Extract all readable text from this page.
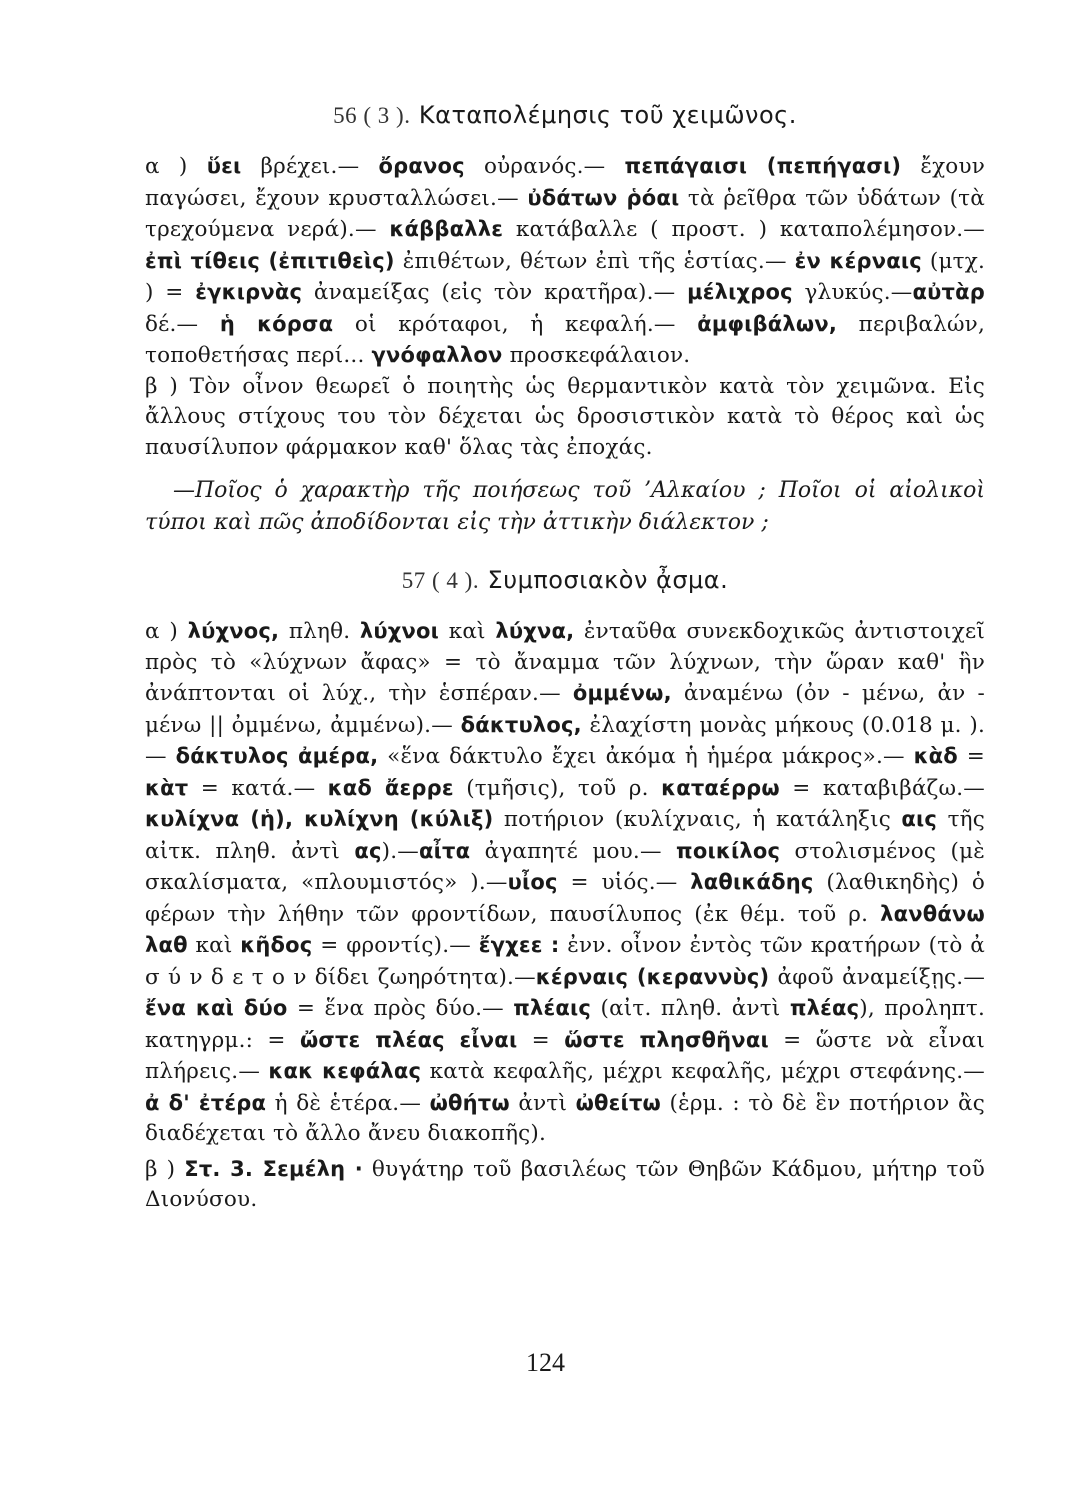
56 ( 3 ). Καταπολέμησις τοῦ χειμῶνος.

α ) ὕει βρέχει.— ὄρανος οὐρανός.— πεπάγαισι (πεπήγασι) ἔχουν παγώσει, ἔχουν κρυσταλλώσει.— ὐδάτων ῥόαι τὰ ῥεῖθρα τῶν ὑδάτων (τὰ τρεχούμενα νερά).— κάββαλλε κατάβαλλε ( προστ. ) καταπολέμησον.— ἐπὶ τίθεις (ἐπιτιθεὶς) ἐπιθέτων, θέτων ἐπὶ τῆς ἑστίας.— ἐν κέρναις (μτχ. ) = ἐγκιρνὰς ἀναμείξας (εἰς τὸν κρατῆρα).— μέλιχρος γλυκύς.—αὐτὰρ δέ.— ἡ κόρσα οἱ κρόταφοι, ἡ κεφαλή.— ἀμφιβάλων, περιβαλών, τοποθετήσας περί... γνόφαλλον προσκεφάλαιον.

β ) Τὸν οἶνον θεωρεῖ ὁ ποιητὴς ὡς θερμαντικὸν κατὰ τὸν χειμῶνα. Εἰς ἄλλους στίχους του τὸν δέχεται ὡς δροσιστικὸν κατὰ τὸ θέρος καὶ ὡς παυσίλυπον φάρμακον καθ' ὅλας τὰς ἐποχάς.

—Ποῖος ὁ χαρακτὴρ τῆς ποιήσεως τοῦ ’Αλκαίου ; Ποῖοι οἱ αἰολικοὶ τύποι καὶ πῶς ἀποδίδονται εἰς τὴν ἀττικὴν διάλεκτον ;

57 ( 4 ). Συμποσιακὸν ᾆσμα.

α ) λύχνος, πληθ. λύχνοι καὶ λύχνα, ἐνταῦθα συνεκδοχικῶς ἀντιστοιχεῖ πρὸς τὸ «λύχνων ἄφας» = τὸ ἄναμμα τῶν λύχνων, τὴν ὥραν καθ' ἣν ἀνάπτονται οἱ λύχ., τὴν ἑσπέραν.— ὀμμένω, ἀναμένω (ὀν - μένω, ἀν - μένω || ὀμμένω, ἀμμένω).— δάκτυλος, ἐλαχίστη μονὰς μήκους (0.018 μ. ).— δάκτυλος ἀμέρα, «ἕνα δάκτυλο ἔχει ἀκόμα ἡ ἡμέρα μάκρος».— κὰδ = κὰτ = κατά.— καδ ἄερρε (τμῆσις), τοῦ ρ. καταέρρω = καταβιβάζω.— κυλίχνα (ἡ), κυλίχνη (κύλιξ) ποτήριον (κυλίχναις, ἡ κατάληξις αις τῆς αἰτκ. πληθ. ἀντὶ ας).—αἶτα ἀγαπητέ μου.— ποικίλος στολισμένος (μὲ σκαλίσματα, «πλουμιστός» ).—υἶος = υἱός.— λαθικάδης (λαθικηδὴς) ὁ φέρων τὴν λήθην τῶν φροντίδων, παυσίλυπος (ἐκ θέμ. τοῦ ρ. λανθάνω λαθ καὶ κῆδος = φροντίς).— ἔγχεε : ἐνν. οἶνον ἐντὸς τῶν κρατήρων (τὸ ἀ σ ύ ν δ ε τ ο ν δίδει ζωηρότητα).—κέρναις (κεραννὺς) ἀφοῦ ἀναμείξῃς.— ἔνα καὶ δύο = ἕνα πρὸς δύο.— πλέαις (αἰτ. πληθ. ἀντὶ πλέας), προληπτ. κατηγρμ.: = ὤστε πλέας εἶναι = ὥστε πλησθῆναι = ὥστε νὰ εἶναι πλήρεις.— κακ κεφάλας κατὰ κεφαλῆς, μέχρι κεφαλῆς, μέχρι στεφάνης.— ἀ δ' ἐτέρα ἡ δὲ ἑτέρα.— ὠθήτω ἀντὶ ὠθείτω (ἑρμ. : τὸ δὲ ἓν ποτήριον ἂς διαδέχεται τὸ ἄλλο ἄνευ διακοπῆς).

β ) Στ. 3. Σεμέλη · θυγάτηρ τοῦ βασιλέως τῶν Θηβῶν Κάδμου, μήτηρ τοῦ Διονύσου.

124
